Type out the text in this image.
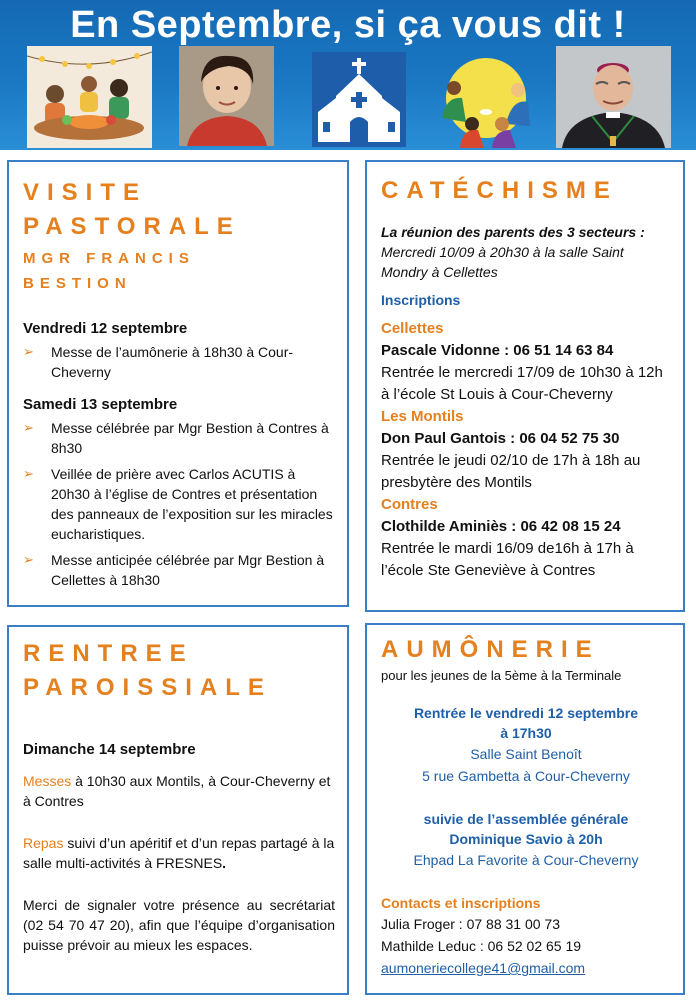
En Septembre, si ça vous dit !
VISITE
PASTORALE
MGR FRANCIS
BESTION
Vendredi 12 septembre
➢ Messe de l’aumônerie à 18h30 à Cour-Cheverny
Samedi 13 septembre
➢ Messe célébrée par Mgr Bestion à Contres à 8h30
➢ Veillée de prière avec Carlos ACUTIS à 20h30 à l’église de Contres et présentation des panneaux de l’exposition sur les miracles eucharistiques.
➢ Messe anticipée célébrée par Mgr Bestion à Cellettes à 18h30
CATÉCHISME
La réunion des parents des 3 secteurs :
Mercredi 10/09 à 20h30 à la salle Saint Mondry à Cellettes
Inscriptions
Cellettes
Pascale Vidonne : 06 51 14 63 84
Rentrée le mercredi 17/09 de 10h30 à 12h à l’école St Louis à Cour-Cheverny
Les Montils
Don Paul Gantois : 06 04 52 75 30
Rentrée le jeudi 02/10 de 17h à 18h au presbytère des Montils
Contres
Clothilde Aminiès : 06 42 08 15 24
Rentrée le mardi 16/09 de16h à 17h à l’école Ste Geneviève à Contres
RENTREE
PAROISSIALE
Dimanche 14 septembre
Messes à 10h30 aux Montils, à Cour-Cheverny et à Contres
Repas suivi d’un apéritif et d’un repas partagé à la salle multi-activités à FRESNES.
Merci de signaler votre présence au secrétariat (02 54 70 47 20), afin que l’équipe d’organisation puisse prévoir au mieux les espaces.
AUMÔNERIE
pour les jeunes de la 5ème à la Terminale
Rentrée le vendredi 12 septembre
à 17h30
Salle Saint Benoît
5 rue Gambetta à Cour-Cheverny
suivie de l’assemblée générale
Dominique Savio à 20h
Ehpad La Favorite à Cour-Cheverny
Contacts et inscriptions
Julia Froger : 07 88 31 00 73
Mathilde Leduc : 06 52 02 65 19
aumoneriecollege41@gmail.com
